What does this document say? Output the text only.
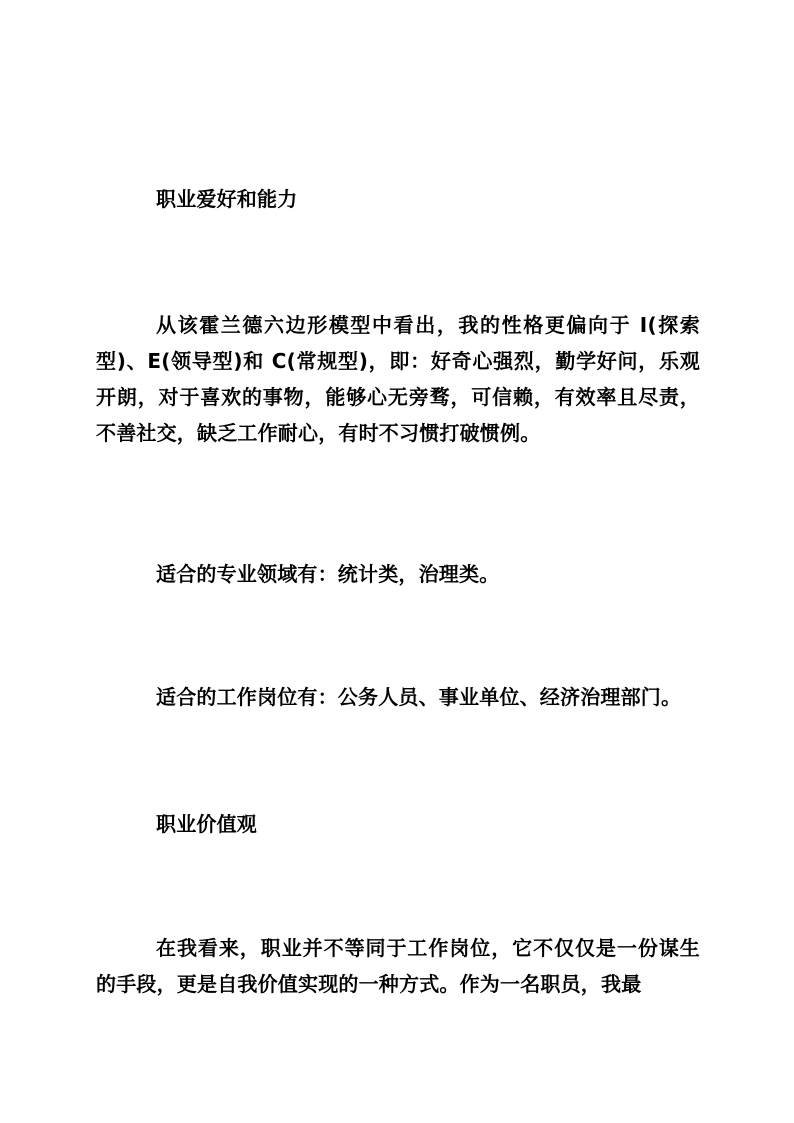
职业爱好和能力
从该霍兰德六边形模型中看出，我的性格更偏向于 I(探索型)、E(领导型)和 C(常规型)，即：好奇心强烈，勤学好问，乐观开朗，对于喜欢的事物，能够心无旁骛，可信赖，有效率且尽责，不善社交，缺乏工作耐心，有时不习惯打破惯例。
适合的专业领域有：统计类，治理类。
适合的工作岗位有：公务人员、事业单位、经济治理部门。
职业价值观
在我看来，职业并不等同于工作岗位，它不仅仅是一份谋生的手段，更是自我价值实现的一种方式。作为一名职员，我最
